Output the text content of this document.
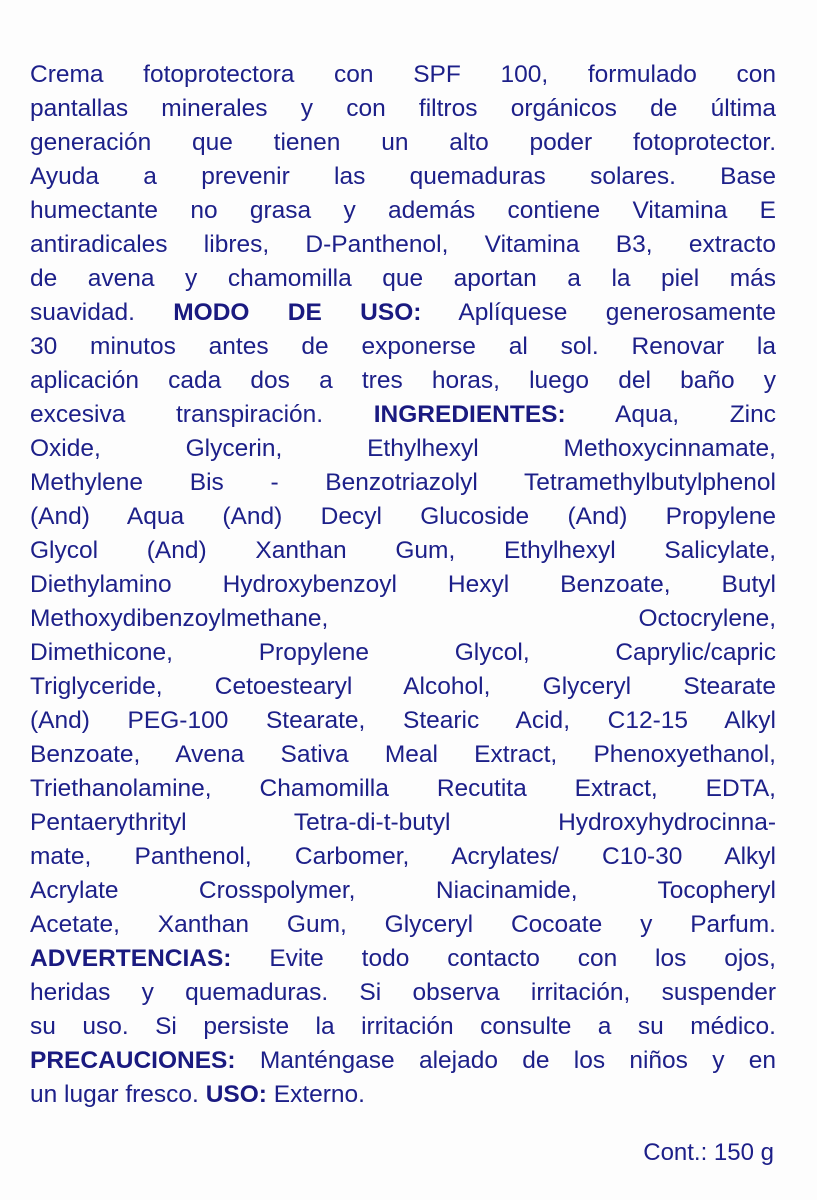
Crema fotoprotectora con SPF 100, formulado con
pantallas minerales y con filtros orgánicos de última
generación que tienen un alto poder fotoprotector.
Ayuda a prevenir las quemaduras solares. Base
humectante no grasa y además contiene Vitamina E
antiradicales libres, D-Panthenol, Vitamina B3, extracto
de avena y chamomilla que aportan a la piel más
suavidad. MODO DE USO: Aplíquese generosamente
30 minutos antes de exponerse al sol. Renovar la
aplicación cada dos a tres horas, luego del baño y
excesiva transpiración. INGREDIENTES: Aqua, Zinc
Oxide, Glycerin, Ethylhexyl Methoxycinnamate,
Methylene Bis - Benzotriazolyl Tetramethylbutylphenol
(And) Aqua (And) Decyl Glucoside (And) Propylene
Glycol (And) Xanthan Gum, Ethylhexyl Salicylate,
Diethylamino Hydroxybenzoyl Hexyl Benzoate, Butyl
Methoxydibenzoylmethane, Octocrylene,
Dimethicone, Propylene Glycol, Caprylic/capric
Triglyceride, Cetoestearyl Alcohol, Glyceryl Stearate
(And) PEG-100 Stearate, Stearic Acid, C12-15 Alkyl
Benzoate, Avena Sativa Meal Extract, Phenoxyethanol,
Triethanolamine, Chamomilla Recutita Extract, EDTA,
Pentaerythrityl Tetra-di-t-butyl Hydroxyhydrocinna-
mate, Panthenol, Carbomer, Acrylates/ C10-30 Alkyl
Acrylate Crosspolymer, Niacinamide, Tocopheryl
Acetate, Xanthan Gum, Glyceryl Cocoate y Parfum.
ADVERTENCIAS: Evite todo contacto con los ojos,
heridas y quemaduras. Si observa irritación, suspender
su uso. Si persiste la irritación consulte a su médico.
PRECAUCIONES: Manténgase alejado de los niños y en
un lugar fresco. USO: Externo.
Cont.: 150 g
